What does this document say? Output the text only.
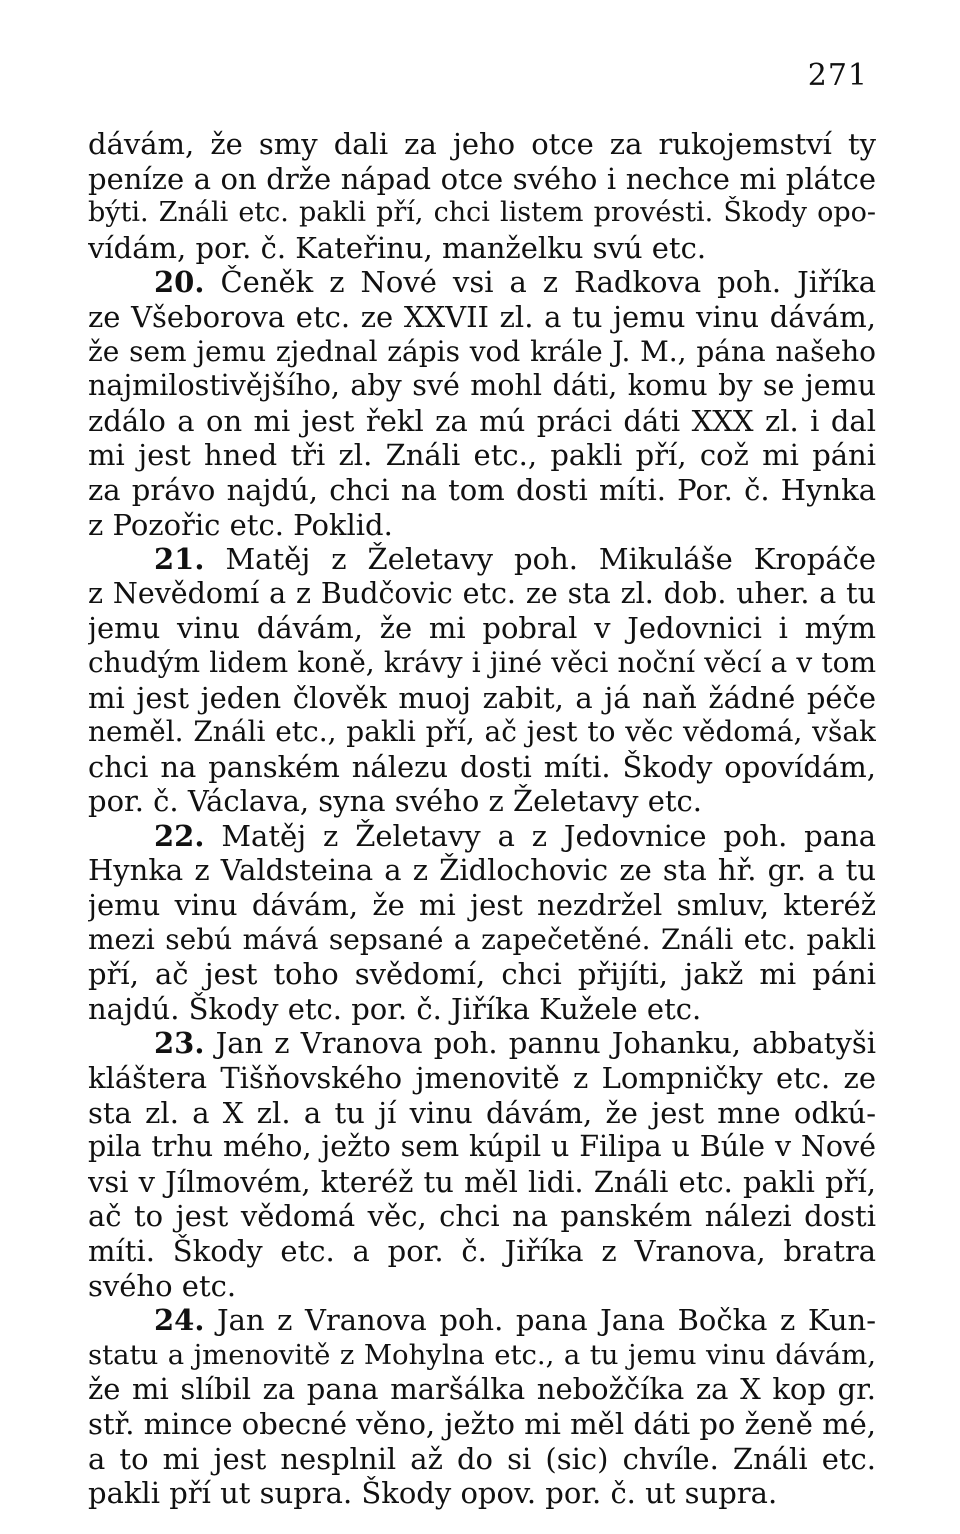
271
dávám, že smy dali za jeho otce za rukojemství ty
peníze a on drže nápad otce svého i nechce mi plátce
býti. Ználi etc. pakli pří, chci listem provésti. Škody opo-
vídám, por. č. Kateřinu, manželku svú etc.
20. Čeněk z Nové vsi a z Radkova poh. Jiříka
ze Všeborova etc. ze XXVII zl. a tu jemu vinu dávám,
že sem jemu zjednal zápis vod krále J. M., pána našeho
najmilostivějšího, aby své mohl dáti, komu by se jemu
zdálo a on mi jest řekl za mú práci dáti XXX zl. i dal
mi jest hned tři zl. Ználi etc., pakli pří, což mi páni
za právo najdú, chci na tom dosti míti. Por. č. Hynka
z Pozořic etc. Poklid.
21. Matěj z Želetavy poh. Mikuláše Kropáče
z Nevědomí a z Budčovic etc. ze sta zl. dob. uher. a tu
jemu vinu dávám, že mi pobral v Jedovnici i mým
chudým lidem koně, krávy i jiné věci noční věcí a v tom
mi jest jeden člověk muoj zabit, a já naň žádné péče
neměl. Ználi etc., pakli pří, ač jest to věc vědomá, však
chci na panském nálezu dosti míti. Škody opovídám,
por. č. Václava, syna svého z Želetavy etc.
22. Matěj z Želetavy a z Jedovnice poh. pana
Hynka z Valdsteina a z Židlochovic ze sta hř. gr. a tu
jemu vinu dávám, že mi jest nezdržel smluv, kteréž
mezi sebú mává sepsané a zapečetěné. Ználi etc. pakli
pří, ač jest toho svědomí, chci přijíti, jakž mi páni
najdú. Škody etc. por. č. Jiříka Kužele etc.
23. Jan z Vranova poh. pannu Johanku, abbatyši
kláštera Tišňovského jmenovitě z Lompničky etc. ze
sta zl. a X zl. a tu jí vinu dávám, že jest mne odkú-
pila trhu mého, ježto sem kúpil u Filipa u Búle v Nové
vsi v Jílmovém, kteréž tu měl lidi. Ználi etc. pakli pří,
ač to jest vědomá věc, chci na panském nálezi dosti
míti. Škody etc. a por. č. Jiříka z Vranova, bratra
svého etc.
24. Jan z Vranova poh. pana Jana Bočka z Kun-
statu a jmenovitě z Mohylna etc., a tu jemu vinu dávám,
že mi slíbil za pana maršálka nebožčíka za X kop gr.
stř. mince obecné věno, ježto mi měl dáti po ženě mé,
a to mi jest nesplnil až do si (sic) chvíle. Ználi etc.
pakli pří ut supra. Škody opov. por. č. ut supra.
